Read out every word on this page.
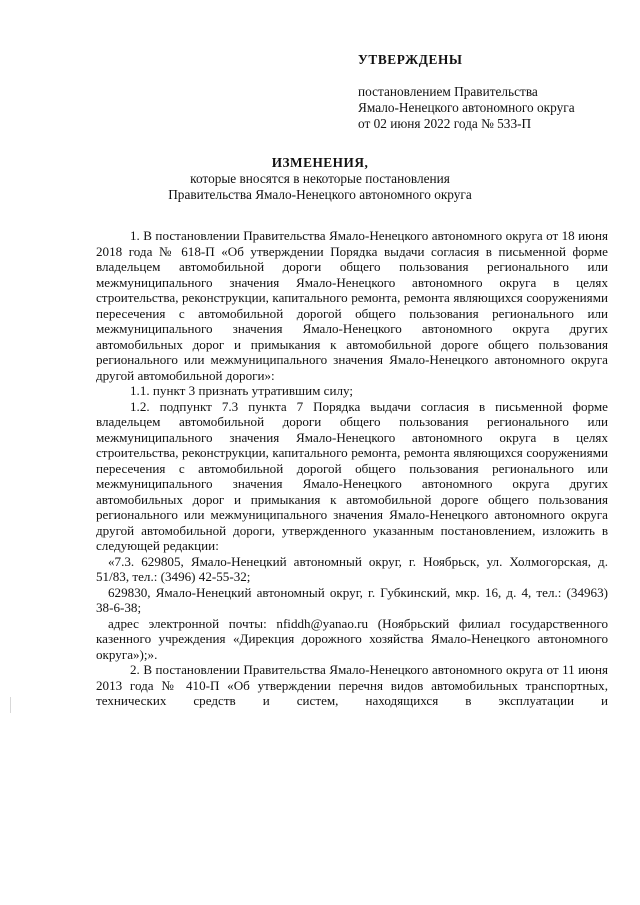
УТВЕРЖДЕНЫ
постановлением Правительства
Ямало-Ненецкого автономного округа
от 02 июня 2022 года № 533-П
ИЗМЕНЕНИЯ,
которые вносятся в некоторые постановления
Правительства Ямало-Ненецкого автономного округа

1. В постановлении Правительства Ямало-Ненецкого автономного округа от 18 июня 2018 года № 618-П «Об утверждении Порядка выдачи согласия в письменной форме владельцем автомобильной дороги общего пользования регионального или межмуниципального значения Ямало-Ненецкого автономного округа в целях строительства, реконструкции, капитального ремонта, ремонта являющихся сооружениями пересечения с автомобильной дорогой общего пользования регионального или межмуниципального значения Ямало-Ненецкого автономного округа других автомобильных дорог и примыкания к автомобильной дороге общего пользования регионального или межмуниципального значения Ямало-Ненецкого автономного округа другой автомобильной дороги»:

1.1. пункт 3 признать утратившим силу;

1.2. подпункт 7.3 пункта 7 Порядка выдачи согласия в письменной форме владельцем автомобильной дороги общего пользования регионального или межмуниципального значения Ямало-Ненецкого автономного округа в целях строительства, реконструкции, капитального ремонта, ремонта являющихся сооружениями пересечения с автомобильной дорогой общего пользования регионального или межмуниципального значения Ямало-Ненецкого автономного округа других автомобильных дорог и примыкания к автомобильной дороге общего пользования регионального или межмуниципального значения Ямало-Ненецкого автономного округа другой автомобильной дороги, утвержденного указанным постановлением, изложить в следующей редакции:

«7.3. 629805, Ямало-Ненецкий автономный округ, г. Ноябрьск, ул. Холмогорская, д. 51/83, тел.: (3496) 42-55-32;

629830, Ямало-Ненецкий автономный округ, г. Губкинский, мкр. 16, д. 4, тел.: (34963) 38-6-38;

адрес электронной почты: nfiddh@yanao.ru (Ноябрьский филиал государственного казенного учреждения «Дирекция дорожного хозяйства Ямало-Ненецкого автономного округа»);».

2. В постановлении Правительства Ямало-Ненецкого автономного округа от 11 июня 2013 года № 410-П «Об утверждении перечня видов автомобильных транспортных, технических средств и систем, находящихся в эксплуатации и
